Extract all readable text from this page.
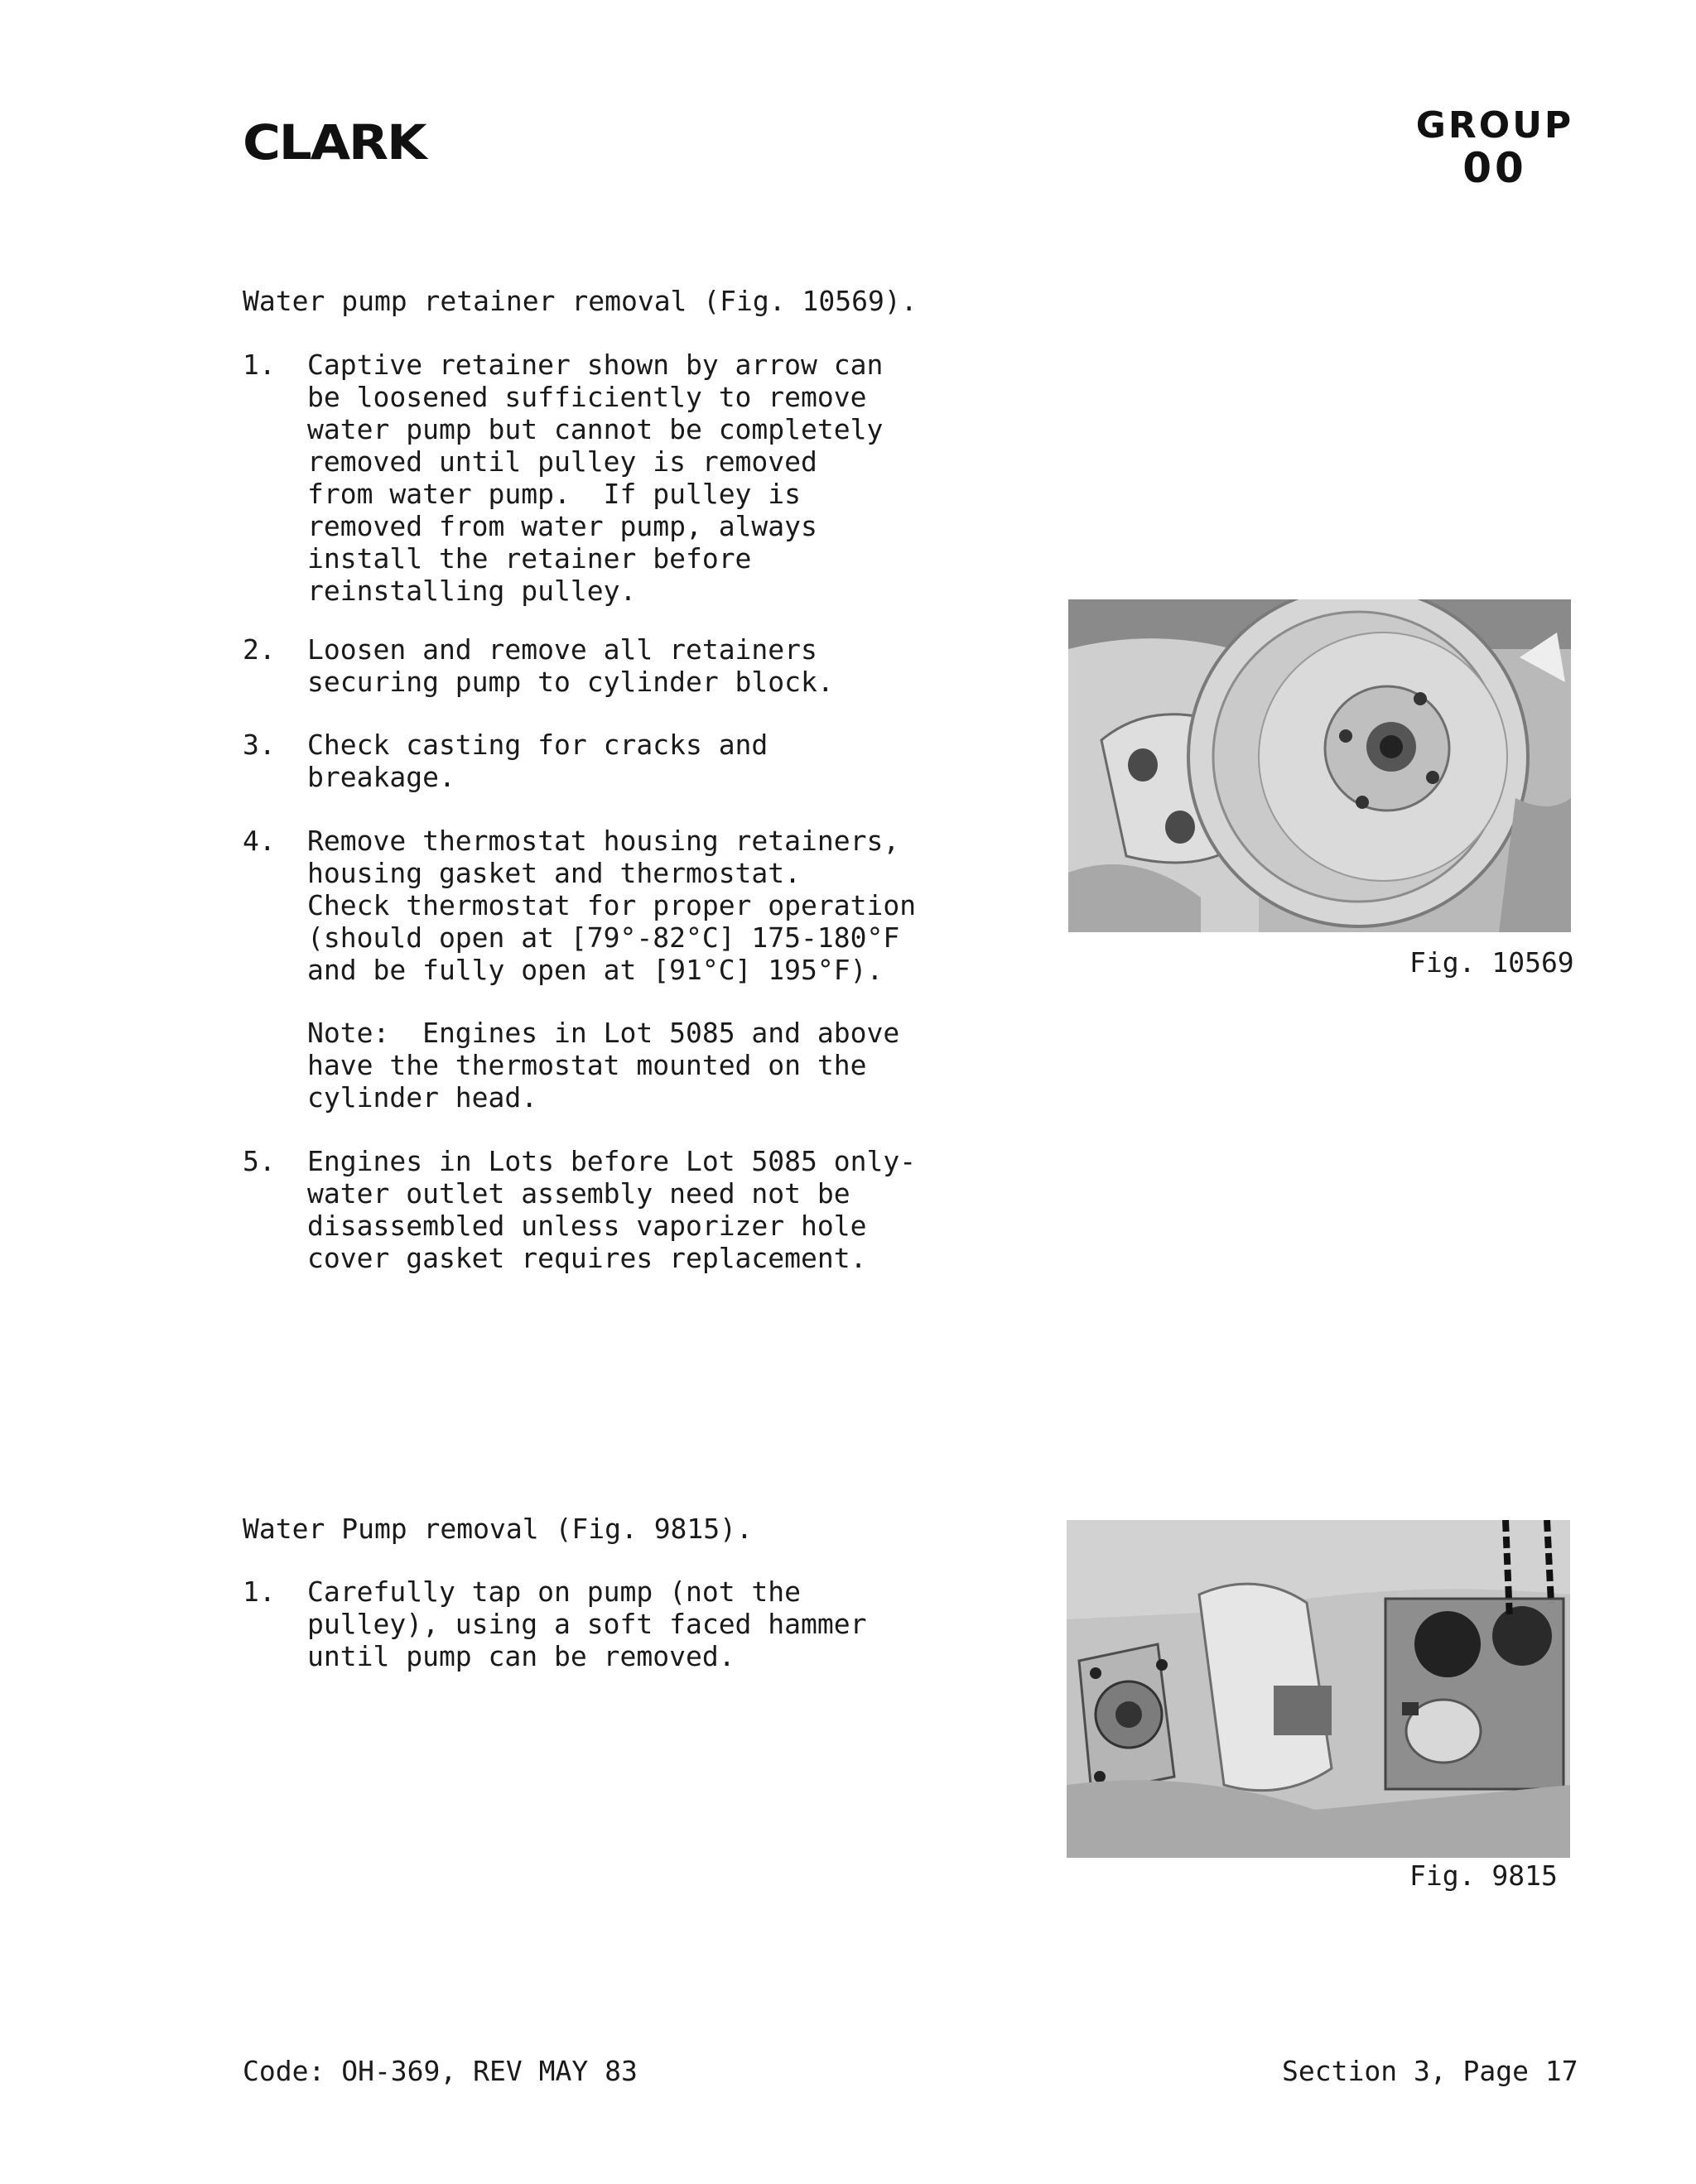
CLARK	GROUP
00
Water pump retainer removal (Fig. 10569).

1.

Captive retainer shown by arrow can
be loosened sufficiently to remove
water pump but cannot be completely
removed until pulley is removed
from water pump.  If pulley is
removed from water pump, always
install the retainer before
reinstalling pulley.

2.

Loosen and remove all retainers
securing pump to cylinder block.

3.

Check casting for cracks and
breakage.

4.

Remove thermostat housing retainers,
housing gasket and thermostat.
Check thermostat for proper operation
(should open at [79°-82°C] 175-180°F
and be fully open at [91°C] 195°F).

Note:  Engines in Lot 5085 and above
have the thermostat mounted on the
cylinder head.

5.

Engines in Lots before Lot 5085 only-
water outlet assembly need not be
disassembled unless vaporizer hole
cover gasket requires replacement.

Fig. 10569
Water Pump removal (Fig. 9815).

1.

Carefully tap on pump (not the
pulley), using a soft faced hammer
until pump can be removed.

Fig. 9815
Code: OH-369, REV MAY 83	Section 3, Page 17
